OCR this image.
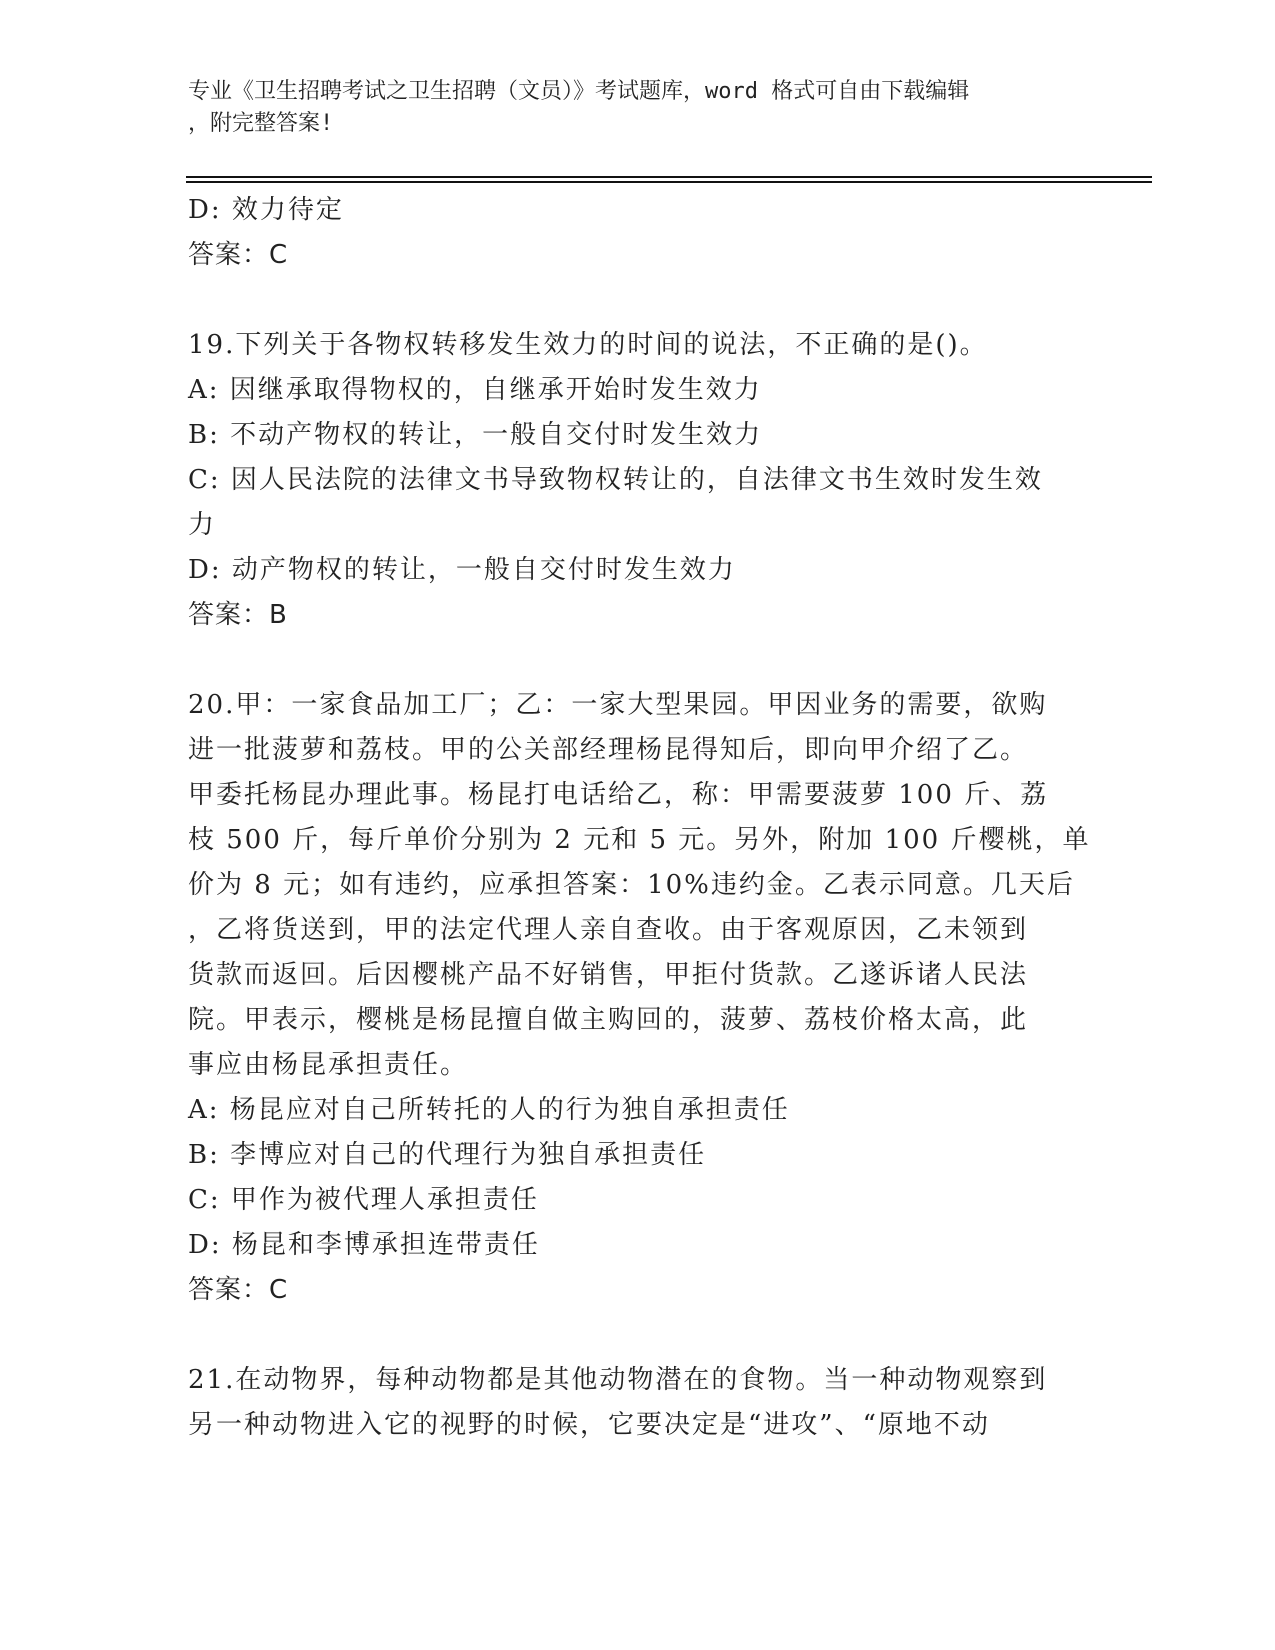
专业《卫生招聘考试之卫生招聘（文员）》考试题库，word 格式可自由下载编辑
，附完整答案!
D: 效力待定
答案：C
19.下列关于各物权转移发生效力的时间的说法，不正确的是()。
A: 因继承取得物权的，自继承开始时发生效力
B: 不动产物权的转让，一般自交付时发生效力
C: 因人民法院的法律文书导致物权转让的，自法律文书生效时发生效
力
D: 动产物权的转让，一般自交付时发生效力
答案：B
20.甲：一家食品加工厂；乙：一家大型果园。甲因业务的需要，欲购
进一批菠萝和荔枝。甲的公关部经理杨昆得知后，即向甲介绍了乙。
甲委托杨昆办理此事。杨昆打电话给乙，称：甲需要菠萝 100 斤、荔
枝 500 斤，每斤单价分别为 2 元和 5 元。另外，附加 100 斤樱桃，单
价为 8 元；如有违约，应承担答案：10%违约金。乙表示同意。几天后
，乙将货送到，甲的法定代理人亲自查收。由于客观原因，乙未领到
货款而返回。后因樱桃产品不好销售，甲拒付货款。乙遂诉诸人民法
院。甲表示，樱桃是杨昆擅自做主购回的，菠萝、荔枝价格太高，此
事应由杨昆承担责任。
A: 杨昆应对自己所转托的人的行为独自承担责任
B: 李博应对自己的代理行为独自承担责任
C: 甲作为被代理人承担责任
D: 杨昆和李博承担连带责任
答案：C
21.在动物界，每种动物都是其他动物潜在的食物。当一种动物观察到
另一种动物进入它的视野的时候，它要决定是“进攻”、“原地不动
